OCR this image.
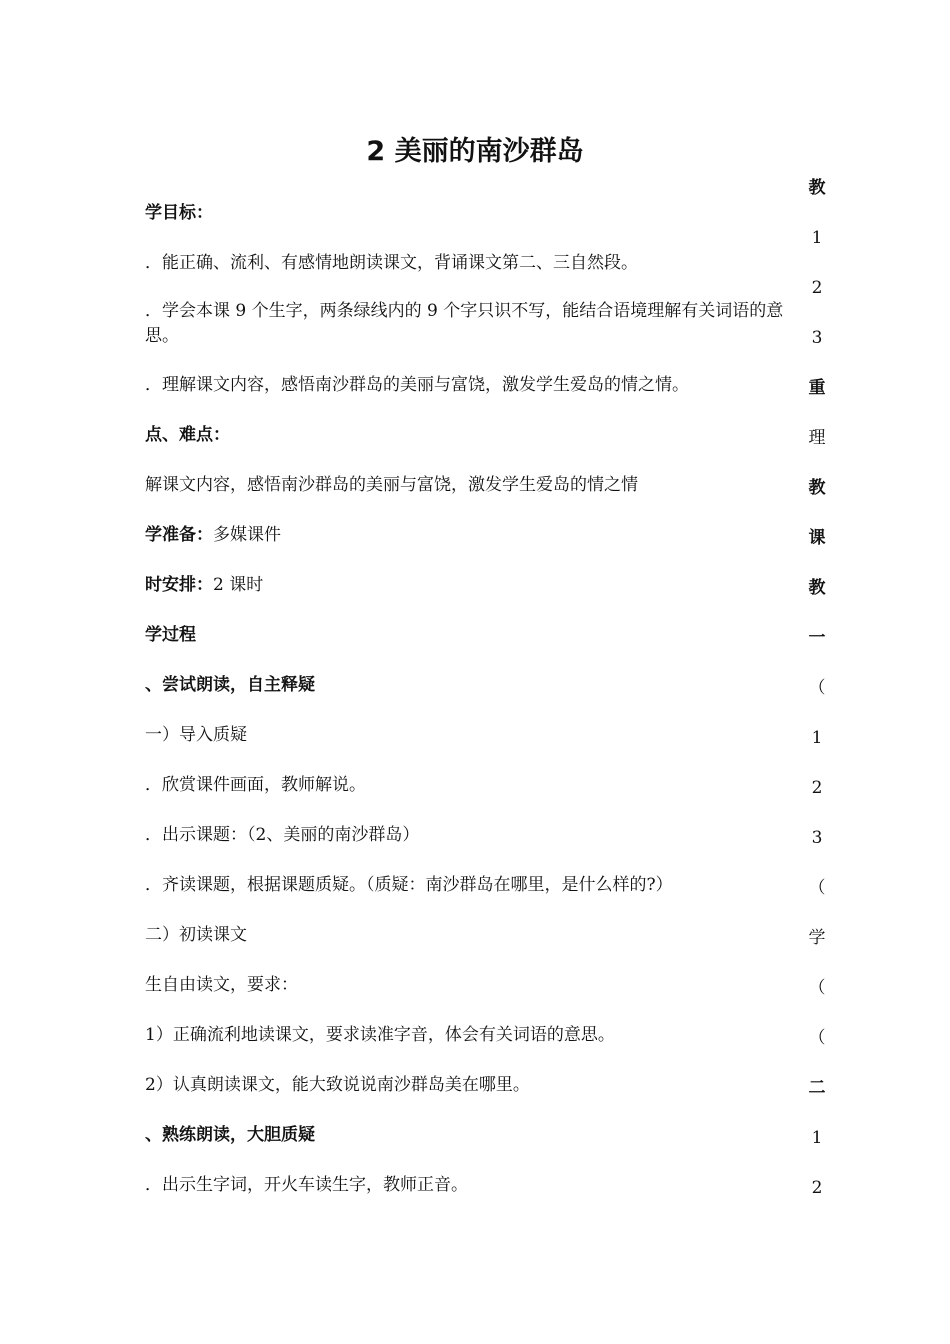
2 美丽的南沙群岛

学目标：

．能正确、流利、有感情地朗读课文，背诵课文第二、三自然段。

．学会本课 9 个生字，两条绿线内的 9 个字只识不写，能结合语境理解有关词语的意思。

．理解课文内容，感悟南沙群岛的美丽与富饶，激发学生爱岛的情之情。

点、难点：

解课文内容，感悟南沙群岛的美丽与富饶，激发学生爱岛的情之情

学准备：多媒课件

时安排：2 课时

学过程

、尝试朗读，自主释疑

一）导入质疑

．欣赏课件画面，教师解说。

．出示课题：（2、美丽的南沙群岛）

．齐读课题，根据课题质疑。（质疑：南沙群岛在哪里，是什么样的?）

二）初读课文

生自由读文，要求：

1）正确流利地读课文，要求读准字音，体会有关词语的意思。

2）认真朗读课文，能大致说说南沙群岛美在哪里。

、熟练朗读，大胆质疑

．出示生字词，开火车读生字，教师正音。

教
1
2
3
重
理
教
课
教
一
（
1
2
3
（
学
（
（
二
1
2
